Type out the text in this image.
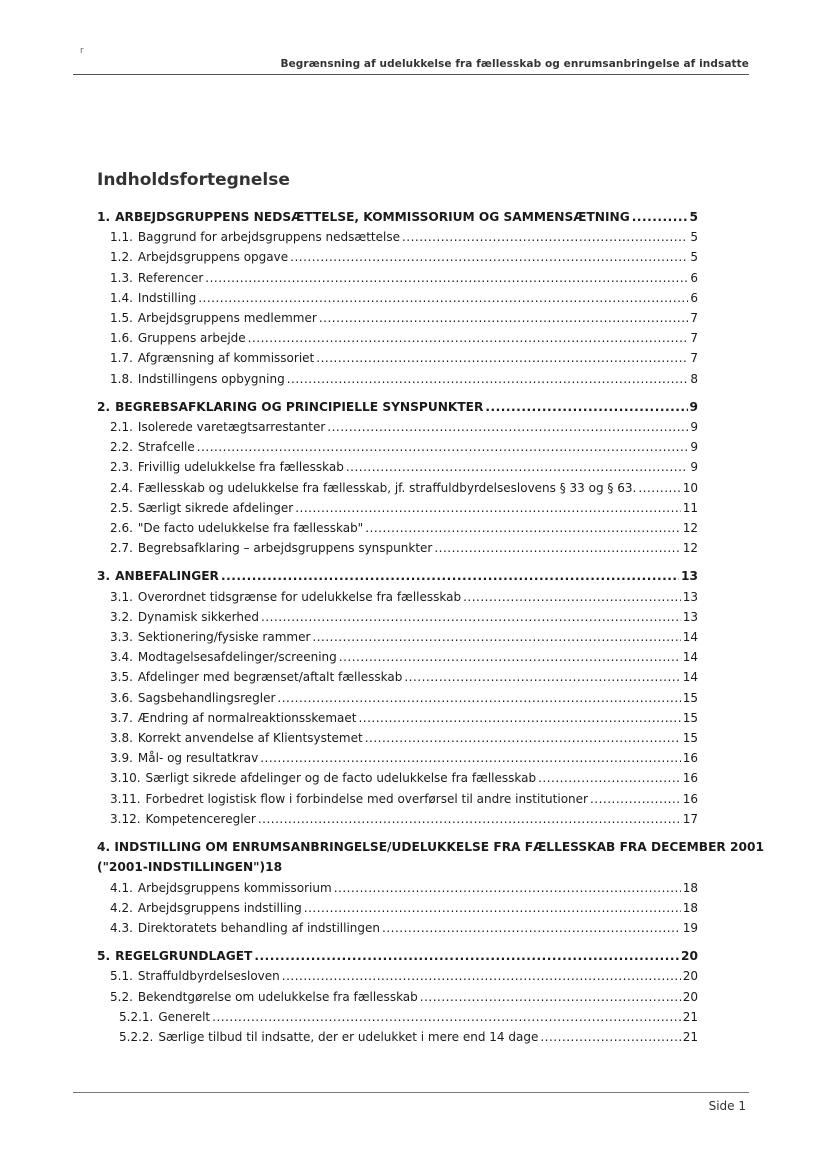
r
Begrænsning af udelukkelse fra fællesskab og enrumsanbringelse af indsatte
Indholdsfortegnelse
1. ARBEJDSGRUPPENS NEDSÆTTELSE, KOMMISSORIUM OG SAMMENSÆTNING .....	5
1.1. Baggrund for arbejdsgruppens nedsættelse .....	5
1.2. Arbejdsgruppens opgave .....	5
1.3. Referencer .....	6
1.4. Indstilling .....	6
1.5. Arbejdsgruppens medlemmer .....	7
1.6. Gruppens arbejde .....	7
1.7. Afgrænsning af kommissoriet .....	7
1.8. Indstillingens opbygning .....	8
2. BEGREBSAFKLARING OG PRINCIPIELLE SYNSPUNKTER .....	9
2.1. Isolerede varetægtsarrestanter .....	9
2.2. Strafcelle .....	9
2.3. Frivillig udelukkelse fra fællesskab .....	9
2.4. Fællesskab og udelukkelse fra fællesskab, jf. straffuldbyrdelseslovens § 33 og § 63. .....	10
2.5. Særligt sikrede afdelinger .....	11
2.6. "De facto udelukkelse fra fællesskab" .....	12
2.7. Begrebsafklaring – arbejdsgruppens synspunkter .....	12
3. ANBEFALINGER .....	13
3.1. Overordnet tidsgrænse for udelukkelse fra fællesskab .....	13
3.2. Dynamisk sikkerhed .....	13
3.3. Sektionering/fysiske rammer .....	14
3.4. Modtagelsesafdelinger/screening .....	14
3.5. Afdelinger med begrænset/aftalt fællesskab .....	14
3.6. Sagsbehandlingsregler .....	15
3.7. Ændring af normalreaktionsskemaet .....	15
3.8. Korrekt anvendelse af Klientsystemet .....	15
3.9. Mål- og resultatkrav .....	16
3.10. Særligt sikrede afdelinger og de facto udelukkelse fra fællesskab .....	16
3.11. Forbedret logistisk flow i forbindelse med overførsel til andre institutioner .....	16
3.12. Kompetenceregler .....	17
4. INDSTILLING OM ENRUMSANBRINGELSE/UDELUKKELSE FRA FÆLLESSKAB FRA DECEMBER 2001
("2001-INDSTILLINGEN") 18
4.1. Arbejdsgruppens kommissorium .....	18
4.2. Arbejdsgruppens indstilling .....	18
4.3. Direktoratets behandling af indstillingen .....	19
5. REGELGRUNDLAGET .....	20
5.1. Straffuldbyrdelsesloven .....	20
5.2. Bekendtgørelse om udelukkelse fra fællesskab .....	20
5.2.1. Generelt .....	21
5.2.2. Særlige tilbud til indsatte, der er udelukket i mere end 14 dage .....	21
Side 1
